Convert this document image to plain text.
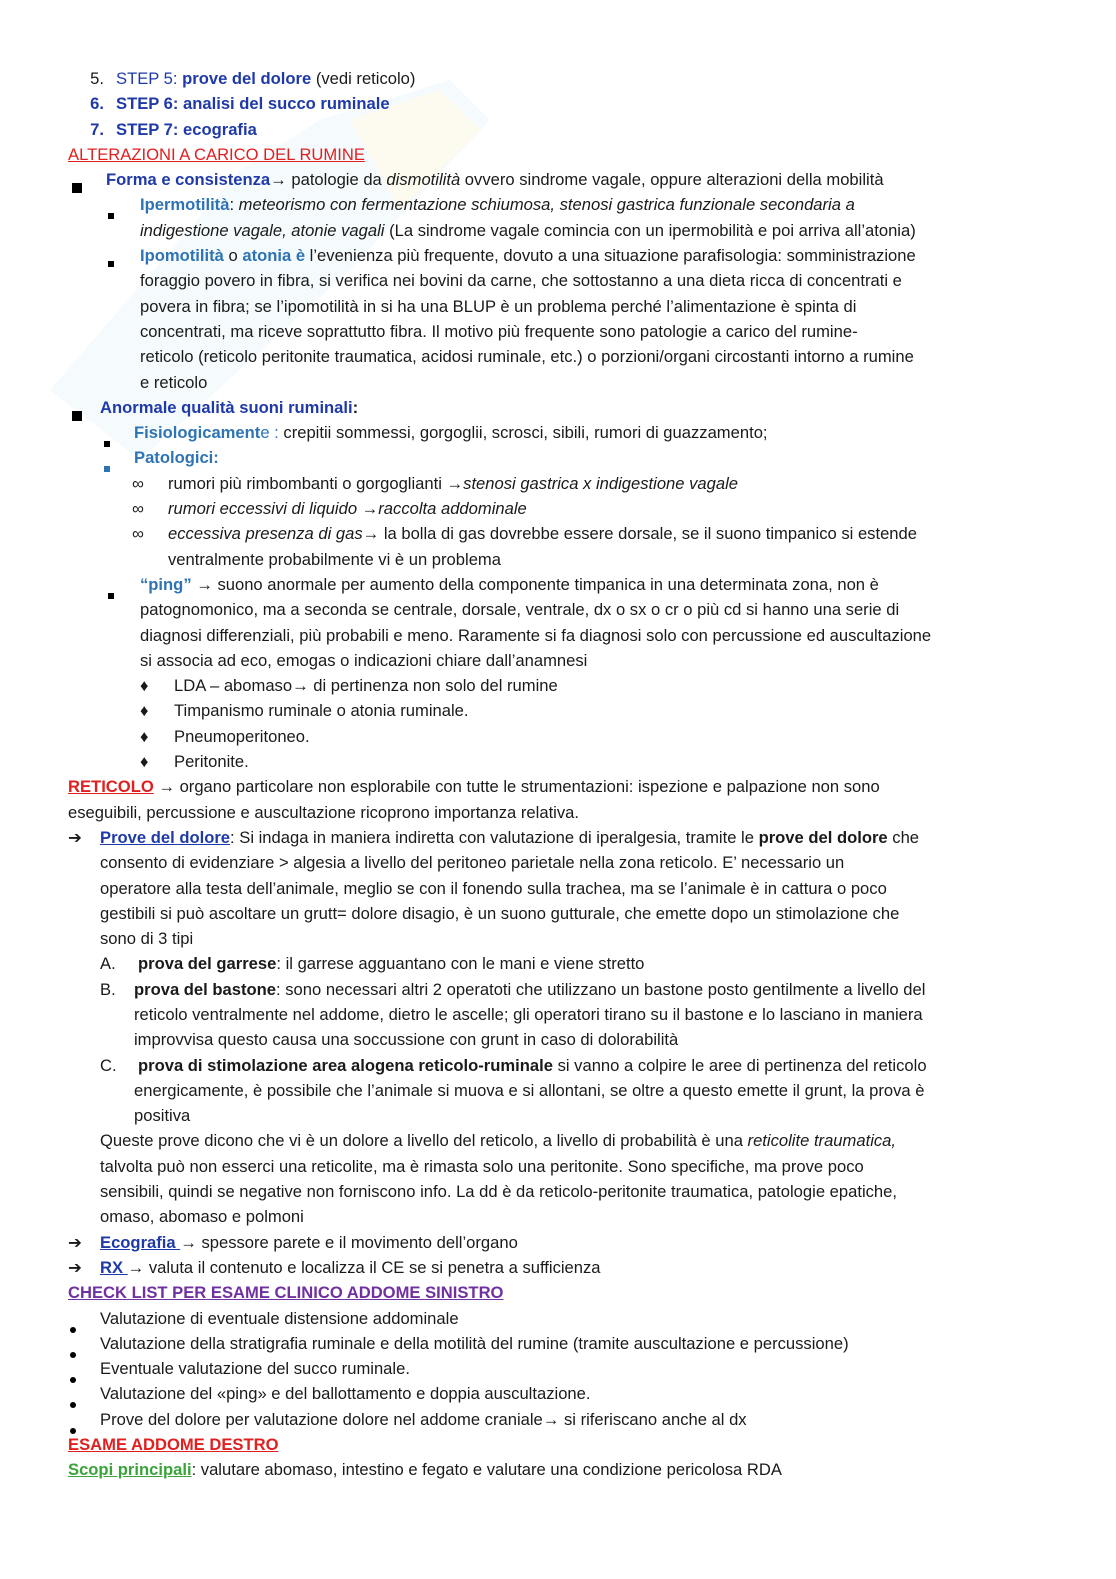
5. STEP 5: prove del dolore (vedi reticolo)
6. STEP 6: analisi del succo ruminale
7. STEP 7: ecografia
ALTERAZIONI A CARICO DEL RUMINE
Forma e consistenza→ patologie da dismotilità ovvero sindrome vagale, oppure alterazioni della mobilità
Ipermotilità: meteorismo con fermentazione schiumosa, stenosi gastrica funzionale secondaria a
indigestione vagale, atonie vagali (La sindrome vagale comincia con un ipermobilità e poi arriva all’atonia)
Ipomotilità o atonia è l’evenienza più frequente, dovuto a una situazione parafisologia: somministrazione
foraggio povero in fibra, si verifica nei bovini da carne, che sottostanno a una dieta ricca di concentrati e
povera in fibra; se l’ipomotilità in si ha una BLUP è un problema perché l’alimentazione è spinta di
concentrati, ma riceve soprattutto fibra. Il motivo più frequente sono patologie a carico del rumine-
reticolo (reticolo peritonite traumatica, acidosi ruminale, etc.) o porzioni/organi circostanti intorno a rumine
e reticolo
Anormale qualità suoni ruminali:
Fisiologicamente : crepitii sommessi, gorgoglii, scrosci, sibili, rumori di guazzamento;
Patologici:
∞ rumori più rimbombanti o gorgoglianti →stenosi gastrica x indigestione vagale
∞ rumori eccessivi di liquido →raccolta addominale
∞ eccessiva presenza di gas→ la bolla di gas dovrebbe essere dorsale, se il suono timpanico si estende
ventralmente probabilmente vi è un problema
“ping” → suono anormale per aumento della componente timpanica in una determinata zona, non è
patognomonico, ma a seconda se centrale, dorsale, ventrale, dx o sx o cr o più cd si hanno una serie di
diagnosi differenziali, più probabili e meno. Raramente si fa diagnosi solo con percussione ed auscultazione
si associa ad eco, emogas o indicazioni chiare dall’anamnesi
♦ LDA – abomaso→ di pertinenza non solo del rumine
♦ Timpanismo ruminale o atonia ruminale.
♦ Pneumoperitoneo.
♦ Peritonite.
RETICOLO → organo particolare non esplorabile con tutte le strumentazioni: ispezione e palpazione non sono
eseguibili, percussione e auscultazione ricoprono importanza relativa.
➔ Prove del dolore: Si indaga in maniera indiretta con valutazione di iperalgesia, tramite le prove del dolore che
consento di evidenziare > algesia a livello del peritoneo parietale nella zona reticolo. E’ necessario un
operatore alla testa dell’animale, meglio se con il fonendo sulla trachea, ma se l’animale è in cattura o poco
gestibili si può ascoltare un grutt= dolore disagio, è un suono gutturale, che emette dopo un stimolazione che
sono di 3 tipi
A. prova del garrese: il garrese agguantano con le mani e viene stretto
B. prova del bastone: sono necessari altri 2 operatoti che utilizzano un bastone posto gentilmente a livello del
reticolo ventralmente nel addome, dietro le ascelle; gli operatori tirano su il bastone e lo lasciano in maniera
improvvisa questo causa una soccussione con grunt in caso di dolorabilità
C. prova di stimolazione area alogena reticolo-ruminale si vanno a colpire le aree di pertinenza del reticolo
energicamente, è possibile che l’animale si muova e si allontani, se oltre a questo emette il grunt, la prova è
positiva
Queste prove dicono che vi è un dolore a livello del reticolo, a livello di probabilità è una reticolite traumatica,
talvolta può non esserci una reticolite, ma è rimasta solo una peritonite. Sono specifiche, ma prove poco
sensibili, quindi se negative non forniscono info. La dd è da reticolo-peritonite traumatica, patologie epatiche,
omaso, abomaso e polmoni
➔ Ecografia → spessore parete e il movimento dell’organo
➔ RX → valuta il contenuto e localizza il CE se si penetra a sufficienza
CHECK LIST PER ESAME CLINICO ADDOME SINISTRO
Valutazione di eventuale distensione addominale
Valutazione della stratigrafia ruminale e della motilità del rumine (tramite auscultazione e percussione)
Eventuale valutazione del succo ruminale.
Valutazione del «ping» e del ballottamento e doppia auscultazione.
Prove del dolore per valutazione dolore nel addome craniale→ si riferiscano anche al dx
ESAME ADDOME DESTRO
Scopi principali: valutare abomaso, intestino e fegato e valutare una condizione pericolosa RDA
